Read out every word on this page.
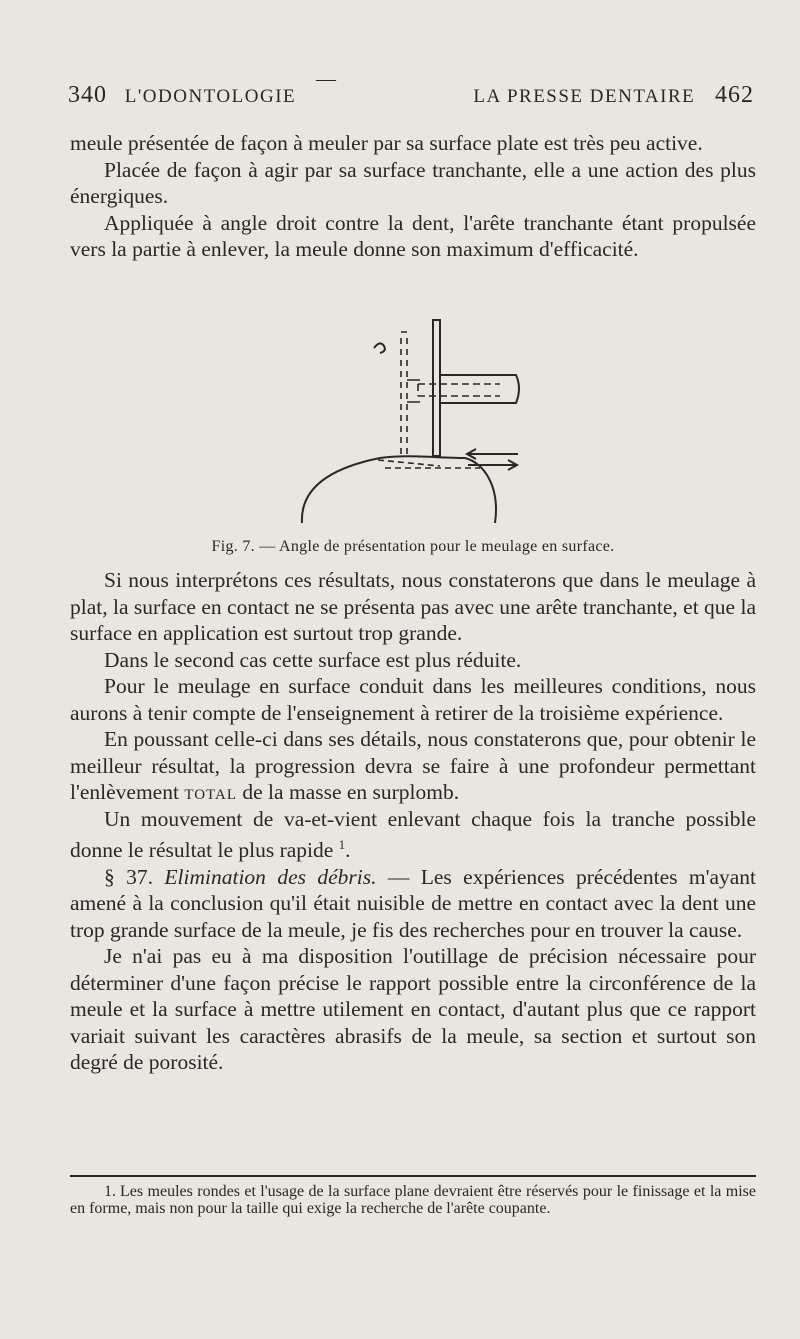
340 L'ODONTOLOGIE
—
LA PRESSE DENTAIRE 462

meule présentée de façon à meuler par sa surface plate est très peu active.

Placée de façon à agir par sa surface tranchante, elle a une action des plus énergiques.

Appliquée à angle droit contre la dent, l'arête tranchante étant propulsée vers la partie à enlever, la meule donne son maximum d'efficacité.

Fig. 7. — Angle de présentation pour le meulage en surface.

Si nous interprétons ces résultats, nous constaterons que dans le meulage à plat, la surface en contact ne se présenta pas avec une arête tranchante, et que la surface en application est surtout trop grande.

Dans le second cas cette surface est plus réduite.

Pour le meulage en surface conduit dans les meilleures conditions, nous aurons à tenir compte de l'enseignement à retirer de la troisième expérience.

En poussant celle-ci dans ses détails, nous constaterons que, pour obtenir le meilleur résultat, la progression devra se faire à une profondeur permettant l'enlèvement total de la masse en surplomb.

Un mouvement de va-et-vient enlevant chaque fois la tranche possible donne le résultat le plus rapide $^1$.

§ 37. Elimination des débris. — Les expériences précédentes m'ayant amené à la conclusion qu'il était nuisible de mettre en contact avec la dent une trop grande surface de la meule, je fis des recherches pour en trouver la cause.

Je n'ai pas eu à ma disposition l'outillage de précision nécessaire pour déterminer d'une façon précise le rapport possible entre la circonférence de la meule et la surface à mettre utilement en contact, d'autant plus que ce rapport variait suivant les caractères abrasifs de la meule, sa section et surtout son degré de porosité.

1. Les meules rondes et l'usage de la surface plane devraient être réservés pour le finissage et la mise en forme, mais non pour la taille qui exige la recherche de l'arête coupante.
